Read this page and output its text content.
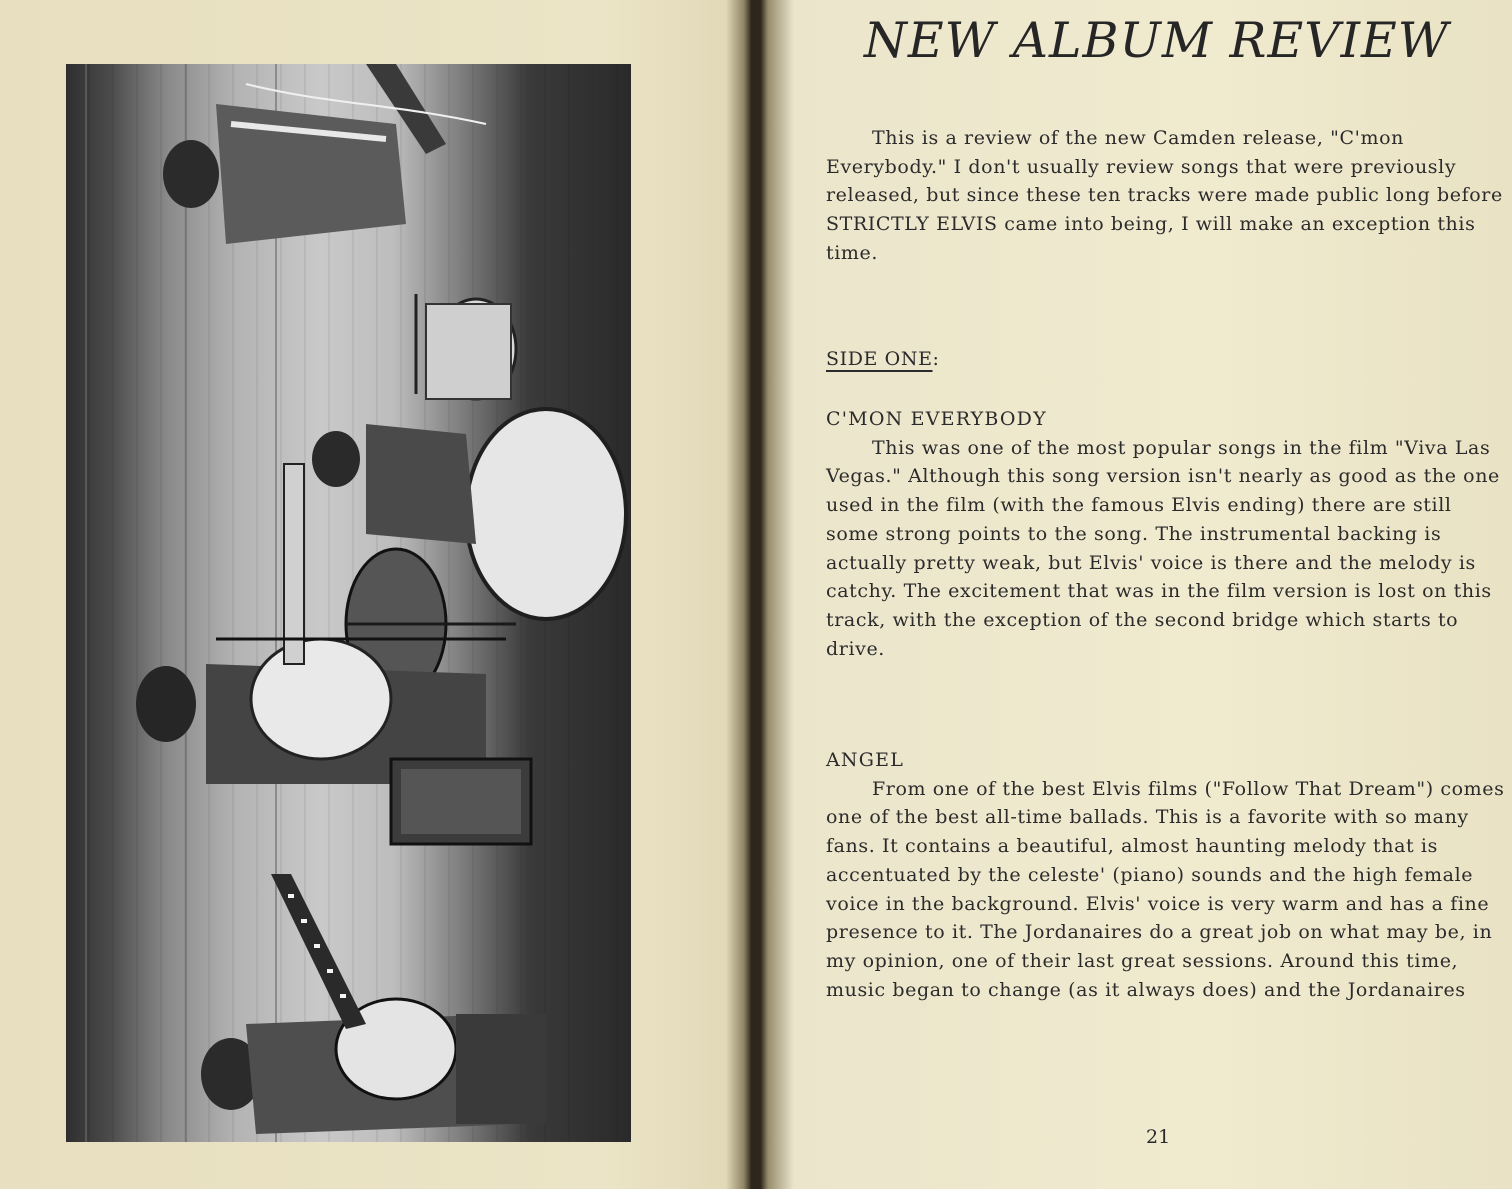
NEW ALBUM REVIEW

This is a review of the new Camden release, "C'mon Everybody." I don't usually review songs that were previously released, but since these ten tracks were made public long before STRICTLY ELVIS came into being, I will make an exception this time.

SIDE ONE:

C'MON EVERYBODY

This was one of the most popular songs in the film "Viva Las Vegas." Although this song version isn't nearly as good as the one used in the film (with the famous Elvis ending) there are still some strong points to the song. The instrumental backing is actually pretty weak, but Elvis' voice is there and the melody is catchy. The excitement that was in the film version is lost on this track, with the exception of the second bridge which starts to drive.

ANGEL

From one of the best Elvis films ("Follow That Dream") comes one of the best all-time ballads. This is a favorite with so many fans. It contains a beautiful, almost haunting melody that is accentuated by the celeste' (piano) sounds and the high female voice in the background. Elvis' voice is very warm and has a fine presence to it. The Jordanaires do a great job on what may be, in my opinion, one of their last great sessions. Around this time, music began to change (as it always does) and the Jordanaires

21
